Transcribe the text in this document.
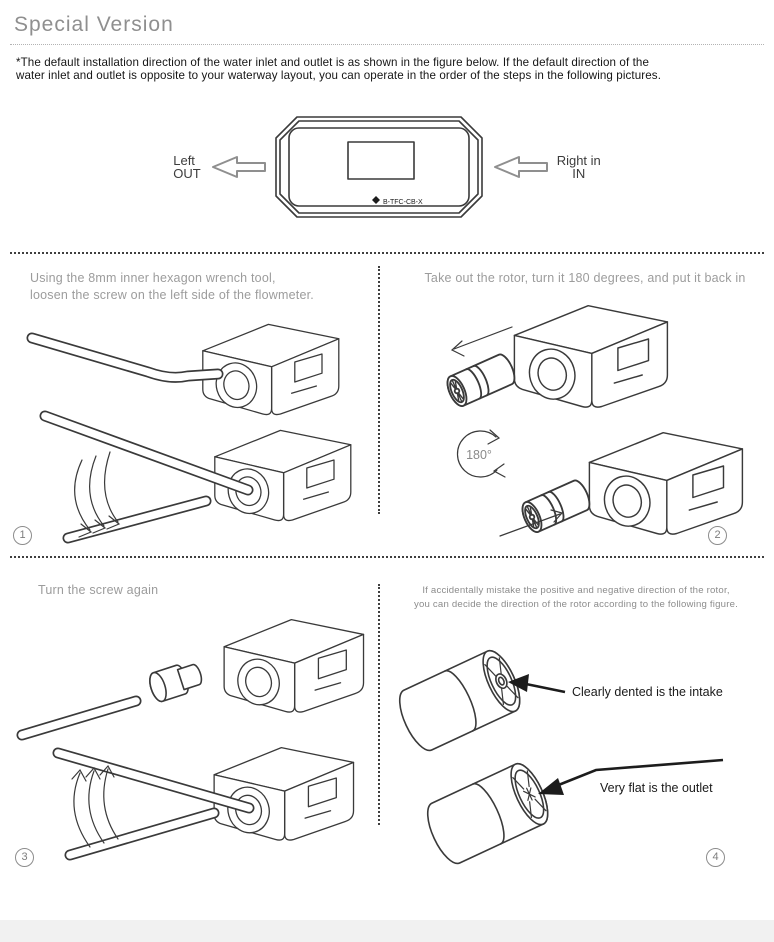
Special Version
*The default installation direction of the water inlet and outlet is as shown in the figure below. If the default direction of the
water inlet and outlet is opposite to your waterway layout, you can operate in the order of the steps in the following pictures.
Left
OUT
B-TFC-CB-X
Right in
IN
Using the 8mm inner hexagon wrench tool,
loosen the screw on the left side of the flowmeter.
1
Take out the rotor, turn it 180 degrees, and put it back in
180°
2
Turn the screw again
3
If accidentally mistake the positive and negative direction of the rotor,
you can decide the direction of the rotor according to the following figure.
Clearly dented is the intake
Very flat is the outlet
4
